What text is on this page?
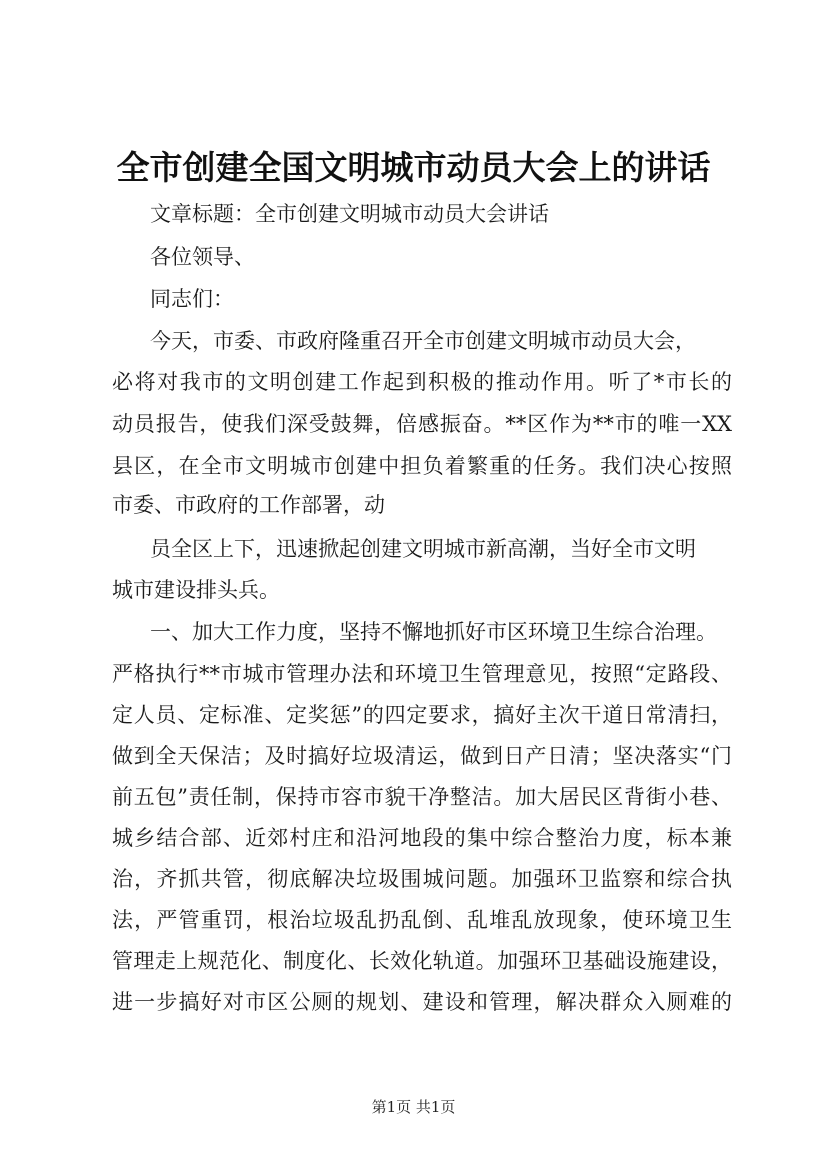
全市创建全国文明城市动员大会上的讲话
文章标题：全市创建文明城市动员大会讲话
各位领导、
同志们：
今天，市委、市政府隆重召开全市创建文明城市动员大会，
必将对我市的文明创建工作起到积极的推动作用。听了*市长的
动员报告，使我们深受鼓舞，倍感振奋。**区作为**市的唯一XX
县区，在全市文明城市创建中担负着繁重的任务。我们决心按照
市委、市政府的工作部署，动
员全区上下，迅速掀起创建文明城市新高潮，当好全市文明
城市建设排头兵。
一、加大工作力度，坚持不懈地抓好市区环境卫生综合治理。
严格执行**市城市管理办法和环境卫生管理意见，按照“定路段、
定人员、定标准、定奖惩”的四定要求，搞好主次干道日常清扫，
做到全天保洁；及时搞好垃圾清运，做到日产日清；坚决落实“门
前五包”责任制，保持市容市貌干净整洁。加大居民区背街小巷、
城乡结合部、近郊村庄和沿河地段的集中综合整治力度，标本兼
治，齐抓共管，彻底解决垃圾围城问题。加强环卫监察和综合执
法，严管重罚，根治垃圾乱扔乱倒、乱堆乱放现象，使环境卫生
管理走上规范化、制度化、长效化轨道。加强环卫基础设施建设，
进一步搞好对市区公厕的规划、建设和管理，解决群众入厕难的
第1页 共1页
